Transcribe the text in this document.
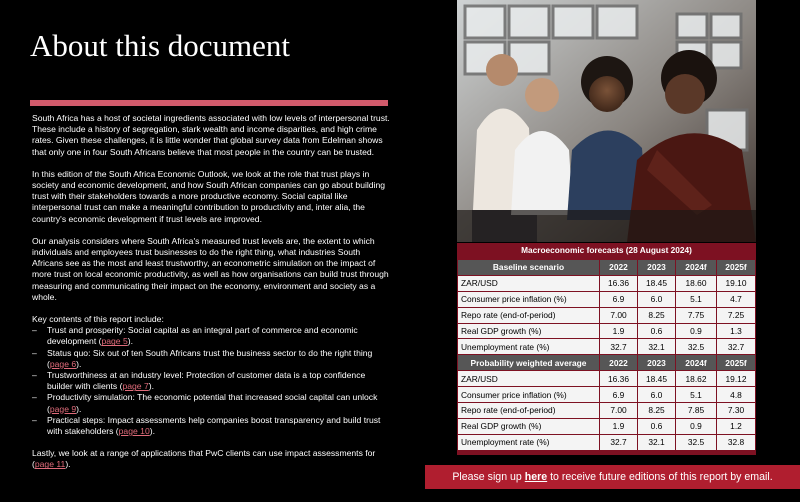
About this document

South Africa has a host of societal ingredients associated with low levels of interpersonal trust. These include a history of segregation, stark wealth and income disparities, and high crime rates. Given these challenges, it is little wonder that global survey data from Edelman shows that only one in four South Africans believe that most people in the country can be trusted.

In this edition of the South Africa Economic Outlook, we look at the role that trust plays in society and economic development, and how South African companies can go about building trust with their stakeholders towards a more productive economy. Social capital like interpersonal trust can make a meaningful contribution to productivity and, inter alia, the country's economic development if trust levels are improved.

Our analysis considers where South Africa's measured trust levels are, the extent to which individuals and employees trust businesses to do the right thing, what industries South Africans see as the most and least trustworthy, an econometric simulation on the impact of more trust on local economic productivity, as well as how organisations can build trust through measuring and communicating their impact on the economy, environment and society as a whole.

Key contents of this report include:
– Trust and prosperity: Social capital as an integral part of commerce and economic development (page 5).
– Status quo: Six out of ten South Africans trust the business sector to do the right thing (page 6).
– Trustworthiness at an industry level: Protection of customer data is a top confidence builder with clients (page 7).
– Productivity simulation: The economic potential that increased social capital can unlock (page 9).
– Practical steps: Impact assessments help companies boost transparency and build trust with stakeholders (page 10).

Lastly, we look at a range of applications that PwC clients can use impact assessments for (page 11).

Macroeconomic forecasts (28 August 2024)
Baseline scenario	2022	2023	2024f	2025f
ZAR/USD	16.36	18.45	18.60	19.10
Consumer price inflation (%)	6.9	6.0	5.1	4.7
Repo rate (end-of-period)	7.00	8.25	7.75	7.25
Real GDP growth (%)	1.9	0.6	0.9	1.3
Unemployment rate (%)	32.7	32.1	32.5	32.7
Probability weighted average	2022	2023	2024f	2025f
ZAR/USD	16.36	18.45	18.62	19.12
Consumer price inflation (%)	6.9	6.0	5.1	4.8
Repo rate (end-of-period)	7.00	8.25	7.85	7.30
Real GDP growth (%)	1.9	0.6	0.9	1.2
Unemployment rate (%)	32.7	32.1	32.5	32.8
Please sign up here to receive future editions of this report by email.
